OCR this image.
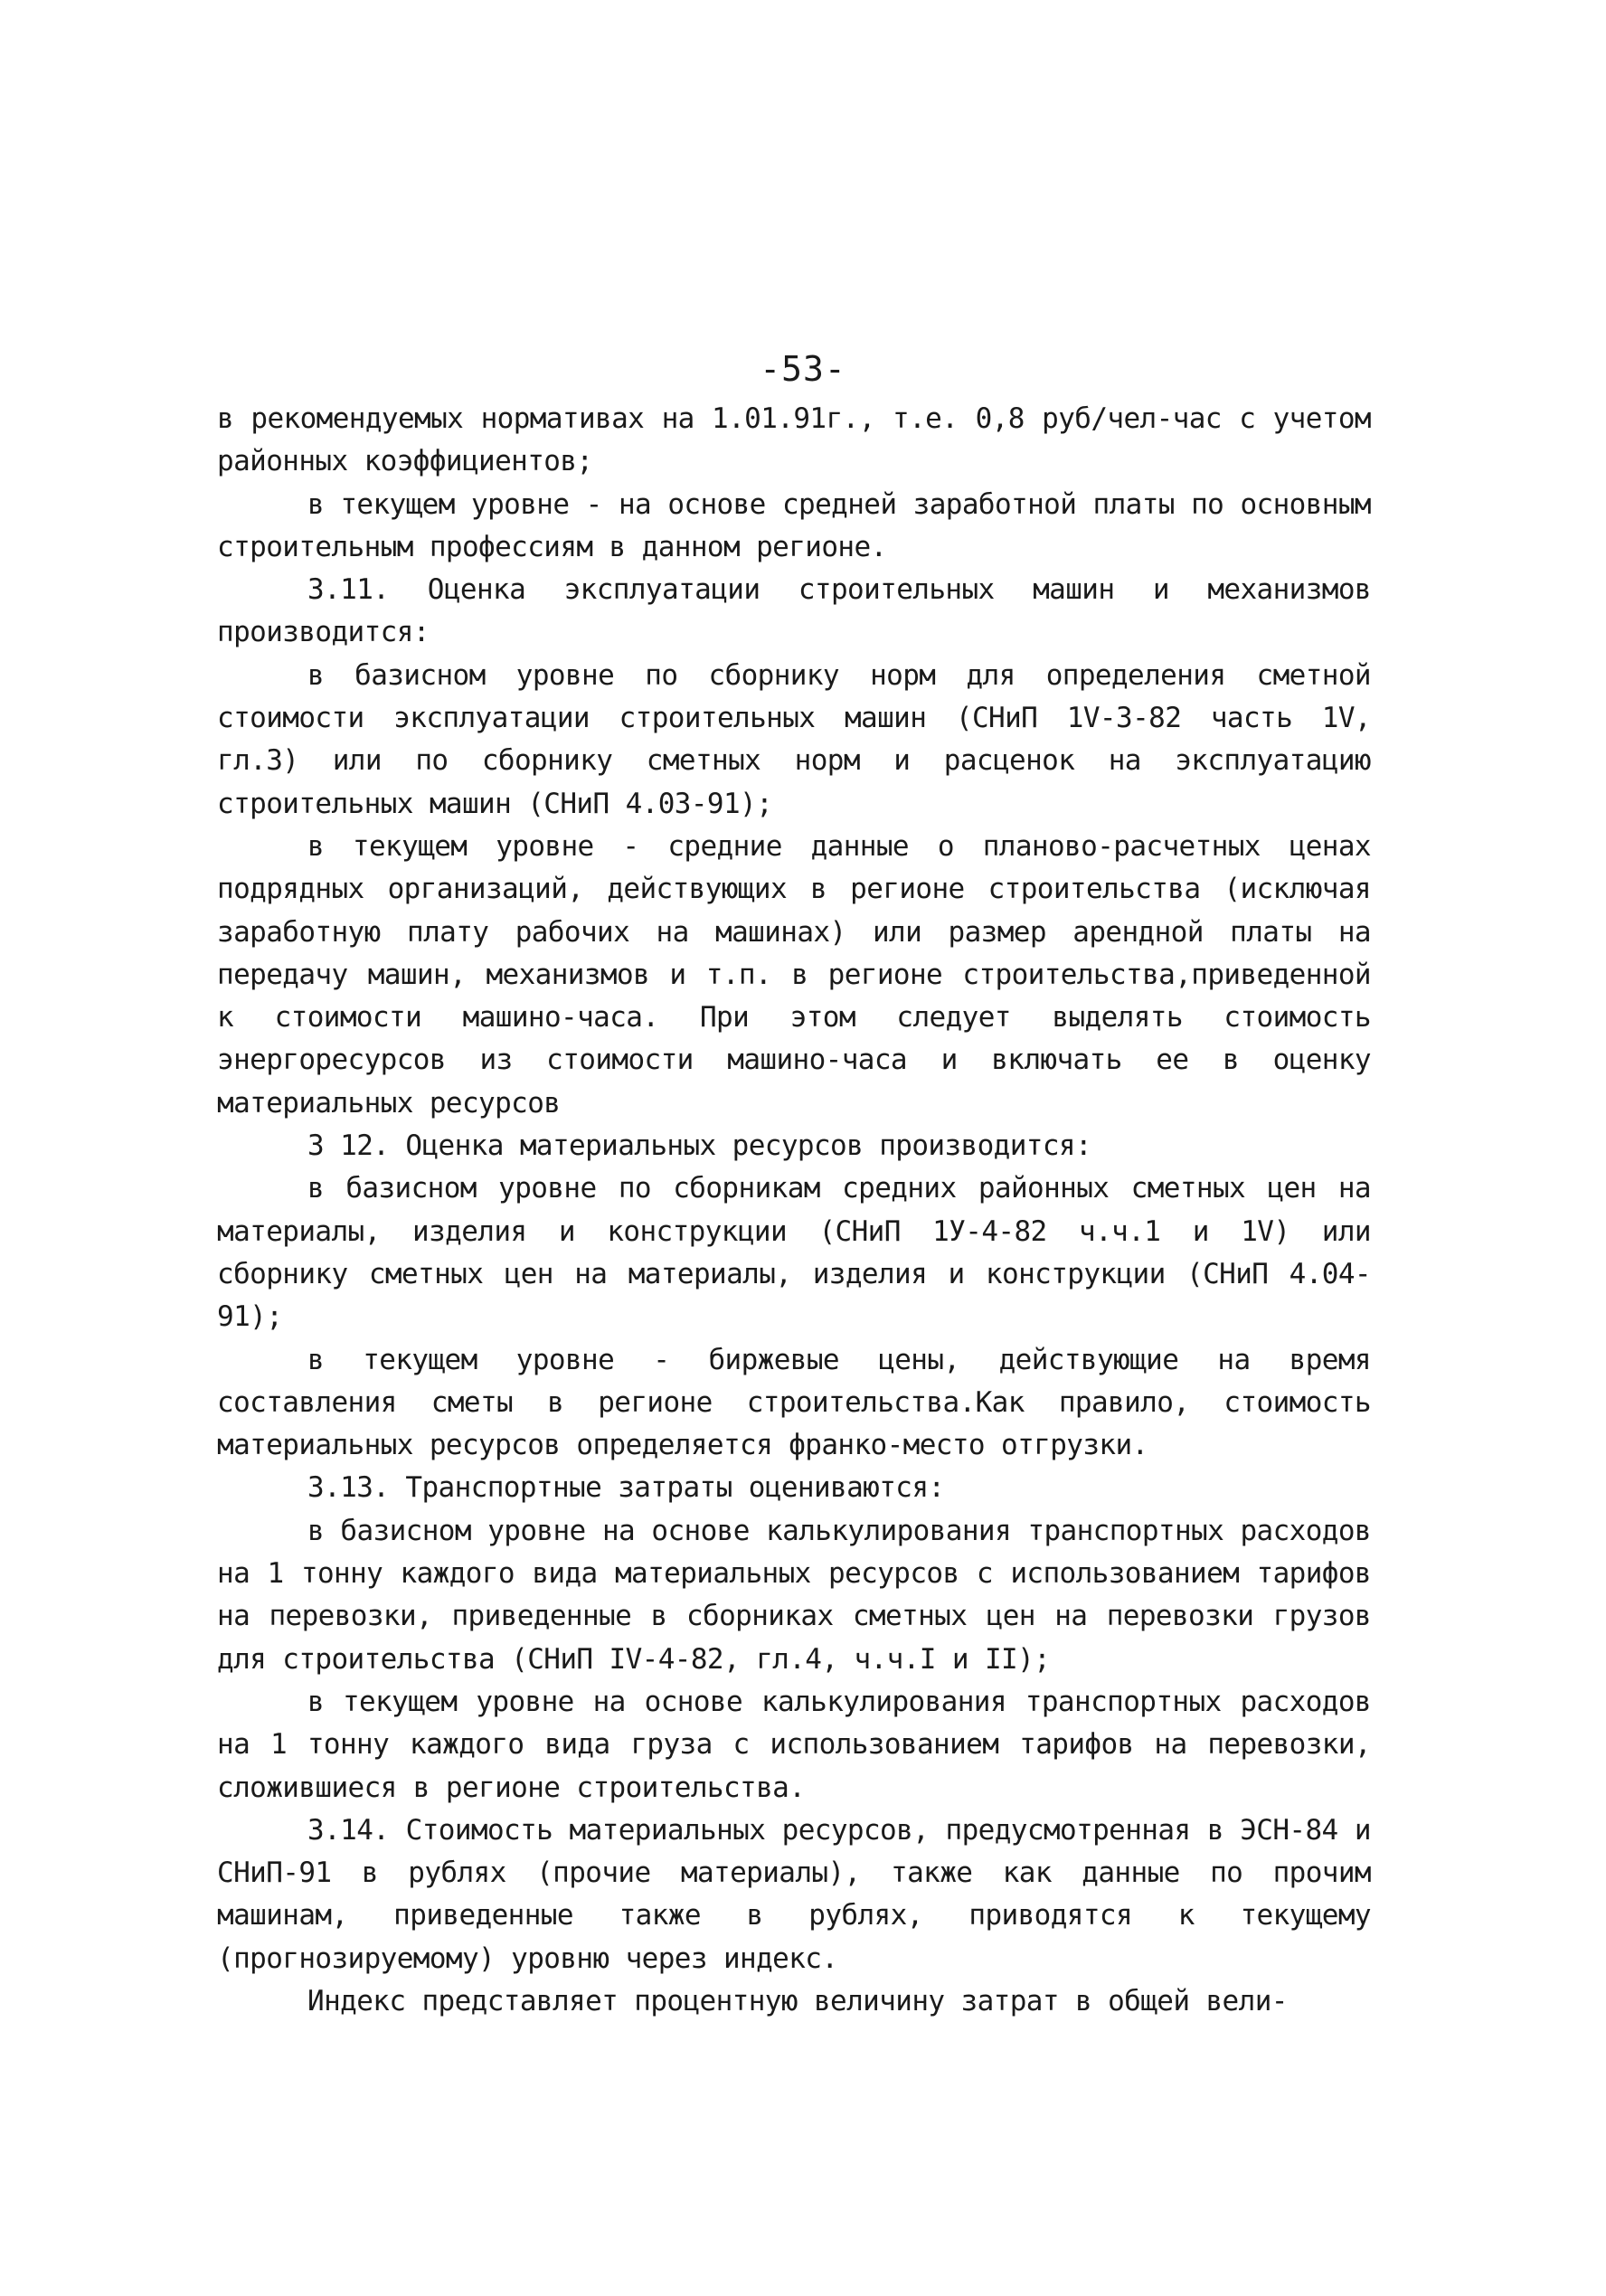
-53-

в рекомендуемых нормативах на 1.01.91г., т.е. 0,8 руб/чел-час с учетом районных коэффициентов;

в текущем уровне - на основе средней заработной платы по основным строительным профессиям в данном регионе.

3.11. Оценка эксплуатации строительных машин и механизмов производится:

в базисном уровне по сборнику норм для определения сметной стоимости эксплуатации строительных машин (СНиП 1V-3-82 часть 1V, гл.3) или по сборнику сметных норм и расценок на эксплуатацию строительных машин (СНиП 4.03-91);

в текущем уровне - средние данные о планово-расчетных ценах подрядных организаций, действующих в регионе строительства (исключая заработную плату рабочих на машинах) или размер арендной платы на передачу машин, механизмов и т.п. в регионе строительства,приведенной к стоимости машино-часа. При этом следует выделять стоимость энергоресурсов из стоимости машино-часа и включать ее в оценку материальных ресурсов

3 12. Оценка материальных ресурсов производится:

в базисном уровне по сборникам средних районных сметных цен на материалы, изделия и конструкции (СНиП 1У-4-82 ч.ч.1 и 1V) или сборнику сметных цен на материалы, изделия и конструкции (СНиП 4.04-91);

в текущем уровне - биржевые цены, действующие на время составления сметы в регионе строительства.Как правило, стоимость материальных ресурсов определяется франко-место отгрузки.

3.13. Транспортные затраты оцениваются:

в базисном уровне на основе калькулирования транспортных расходов на 1 тонну каждого вида материальных ресурсов с использованием тарифов на перевозки, приведенные в сборниках сметных цен на перевозки грузов для строительства (СНиП IV-4-82, гл.4, ч.ч.I и II);

в текущем уровне на основе калькулирования транспортных расходов на 1 тонну каждого вида груза с использованием тарифов на перевозки, сложившиеся в регионе строительства.

3.14. Стоимость материальных ресурсов, предусмотренная в ЭСН-84 и СНиП-91 в рублях (прочие материалы), также как данные по прочим машинам, приведенные также в рублях, приводятся к текущему (прогнозируемому) уровню через индекс.

Индекс представляет процентную величину затрат в общей вели-
